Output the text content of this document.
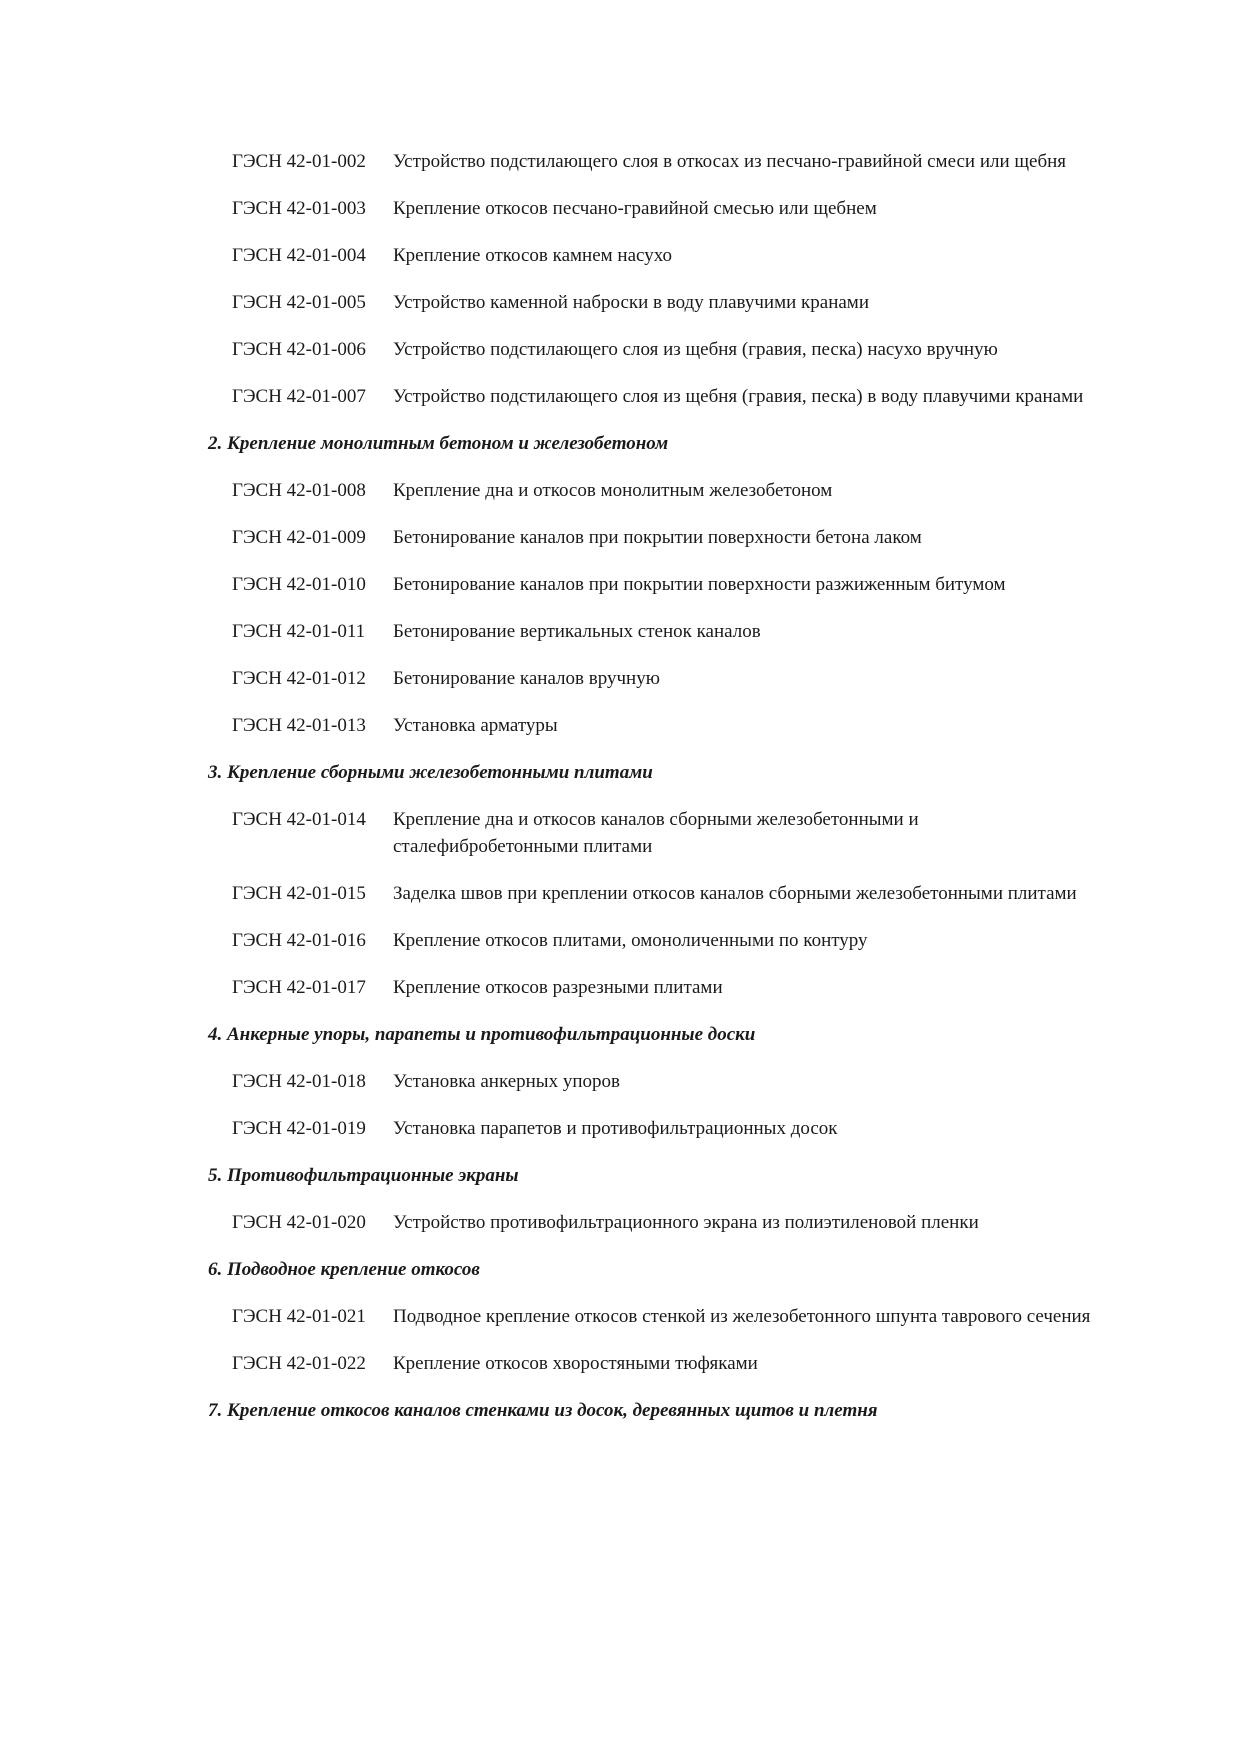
ГЭСН 42-01-002	Устройство подстилающего слоя в откосах из песчано-гравийной смеси или щебня
ГЭСН 42-01-003	Крепление откосов песчано-гравийной смесью или щебнем
ГЭСН 42-01-004	Крепление откосов камнем насухо
ГЭСН 42-01-005	Устройство каменной наброски в воду плавучими кранами
ГЭСН 42-01-006	Устройство подстилающего слоя из щебня (гравия, песка) насухо вручную
ГЭСН 42-01-007	Устройство подстилающего слоя из щебня (гравия, песка) в воду плавучими кранами
2. Крепление монолитным бетоном и железобетоном
ГЭСН 42-01-008	Крепление дна и откосов монолитным железобетоном
ГЭСН 42-01-009	Бетонирование каналов при покрытии поверхности бетона лаком
ГЭСН 42-01-010	Бетонирование каналов при покрытии поверхности разжиженным битумом
ГЭСН 42-01-011	Бетонирование вертикальных стенок каналов
ГЭСН 42-01-012	Бетонирование каналов вручную
ГЭСН 42-01-013	Установка арматуры
3. Крепление сборными железобетонными плитами
ГЭСН 42-01-014	Крепление дна и откосов каналов сборными железобетонными и сталефибробетонными плитами
ГЭСН 42-01-015	Заделка швов при креплении откосов каналов сборными железобетонными плитами
ГЭСН 42-01-016	Крепление откосов плитами, омоноличенными по контуру
ГЭСН 42-01-017	Крепление откосов разрезными плитами
4. Анкерные упоры, парапеты и противофильтрационные доски
ГЭСН 42-01-018	Установка анкерных упоров
ГЭСН 42-01-019	Установка парапетов и противофильтрационных досок
5. Противофильтрационные экраны
ГЭСН 42-01-020	Устройство противофильтрационного экрана из полиэтиленовой пленки
6. Подводное крепление откосов
ГЭСН 42-01-021	Подводное крепление откосов стенкой из железобетонного шпунта таврового сечения
ГЭСН 42-01-022	Крепление откосов хворостяными тюфяками
7. Крепление откосов каналов стенками из досок, деревянных щитов и плетня
